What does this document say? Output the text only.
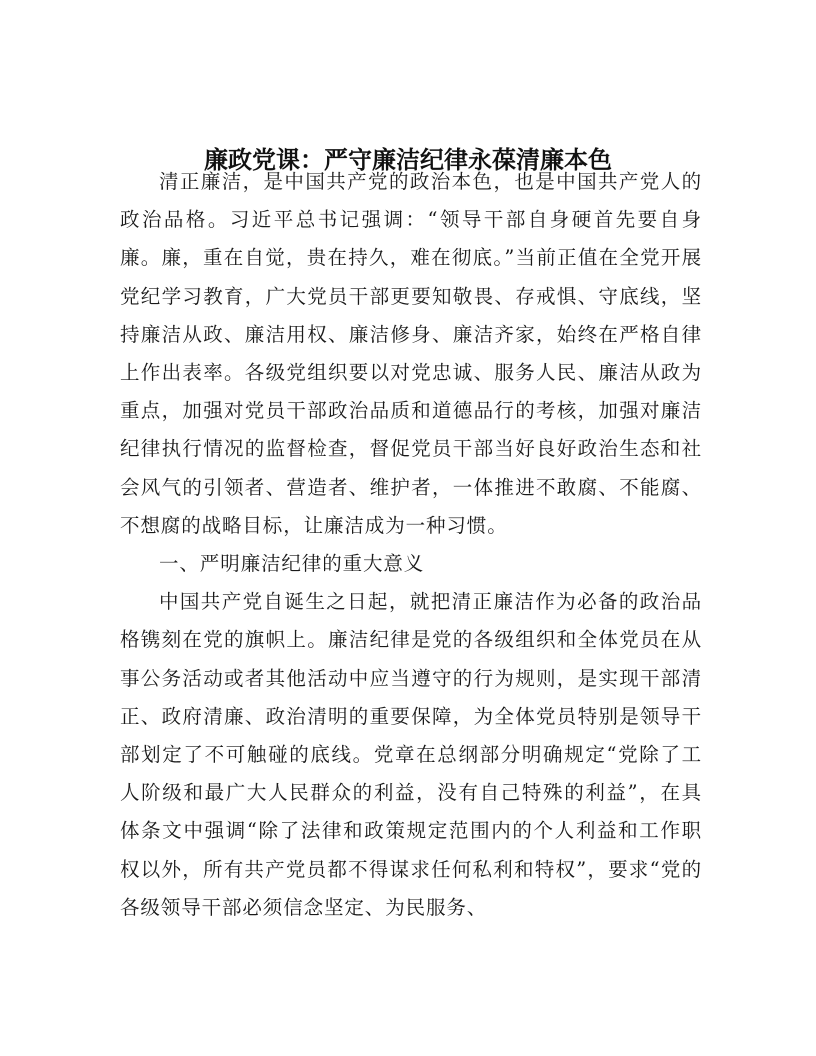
廉政党课：严守廉洁纪律永葆清廉本色

清正廉洁，是中国共产党的政治本色，也是中国共产党人的政治品格。习近平总书记强调：“领导干部自身硬首先要自身廉。廉，重在自觉，贵在持久，难在彻底。”当前正值在全党开展党纪学习教育，广大党员干部更要知敬畏、存戒惧、守底线，坚持廉洁从政、廉洁用权、廉洁修身、廉洁齐家，始终在严格自律上作出表率。各级党组织要以对党忠诚、服务人民、廉洁从政为重点，加强对党员干部政治品质和道德品行的考核，加强对廉洁纪律执行情况的监督检查，督促党员干部当好良好政治生态和社会风气的引领者、营造者、维护者，一体推进不敢腐、不能腐、不想腐的战略目标，让廉洁成为一种习惯。

一、严明廉洁纪律的重大意义

中国共产党自诞生之日起，就把清正廉洁作为必备的政治品格镌刻在党的旗帜上。廉洁纪律是党的各级组织和全体党员在从事公务活动或者其他活动中应当遵守的行为规则，是实现干部清正、政府清廉、政治清明的重要保障，为全体党员特别是领导干部划定了不可触碰的底线。党章在总纲部分明确规定“党除了工人阶级和最广大人民群众的利益，没有自己特殊的利益”，在具体条文中强调“除了法律和政策规定范围内的个人利益和工作职权以外，所有共产党员都不得谋求任何私利和特权”，要求“党的各级领导干部必须信念坚定、为民服务、
